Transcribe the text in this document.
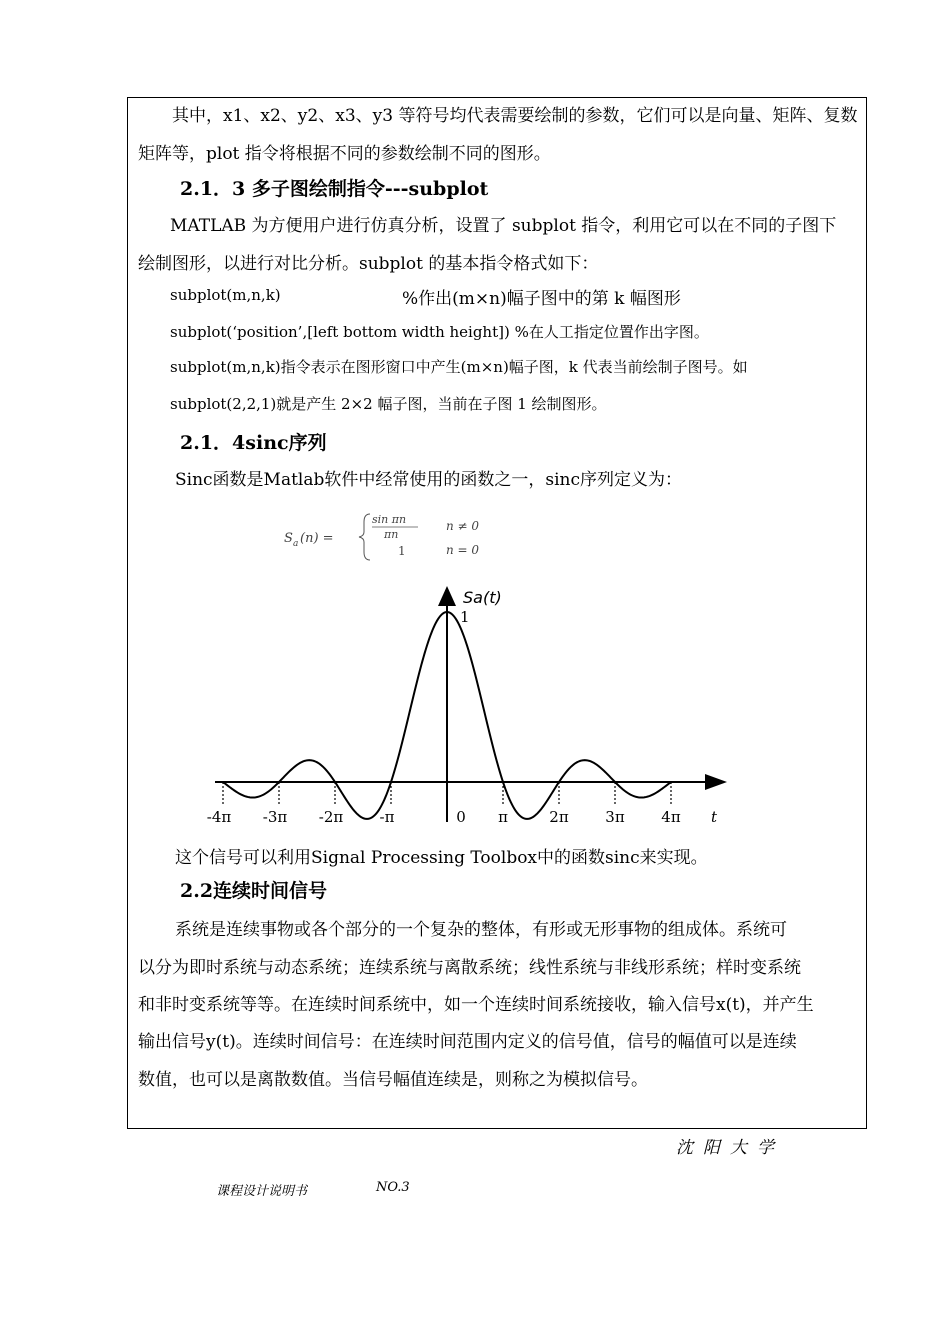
其中，x1、x2、y2、x3、y3 等符号均代表需要绘制的参数，它们可以是向量、矩阵、复数

矩阵等，plot 指令将根据不同的参数绘制不同的图形。

2.1．3 多子图绘制指令---subplot

MATLAB 为方便用户进行仿真分析，设置了 subplot 指令，利用它可以在不同的子图下

绘制图形，以进行对比分析。subplot 的基本指令格式如下：

subplot(m,n,k)	%作出(m×n)幅子图中的第 k 幅图形

subplot(‘position’,[left bottom width height]) %在人工指定位置作出字图。

subplot(m,n,k)指令表示在图形窗口中产生(m×n)幅子图，k 代表当前绘制子图号。如

subplot(2,2,1)就是产生 2×2 幅子图，当前在子图 1 绘制图形。

2.1．4sinc序列

Sinc函数是Matlab软件中经常使用的函数之一，sinc序列定义为：

S a (n) =
sin πn
πn
n ≠ 0
1	n = 0
-4π -3π -2π -π	0 π	2π 3π 4π
Sa(t)
1
t

这个信号可以利用Signal Processing Toolbox中的函数sinc来实现。

2.2连续时间信号

系统是连续事物或各个部分的一个复杂的整体，有形或无形事物的组成体。系统可

以分为即时系统与动态系统；连续系统与离散系统；线性系统与非线形系统；样时变系统

和非时变系统等等。在连续时间系统中，如一个连续时间系统接收，输入信号x(t)，并产生

输出信号y(t)。连续时间信号：在连续时间范围内定义的信号值，信号的幅值可以是连续

数值，也可以是离散数值。当信号幅值连续是，则称之为模拟信号。

沈阳大学
课程设计说明书	NO.3
